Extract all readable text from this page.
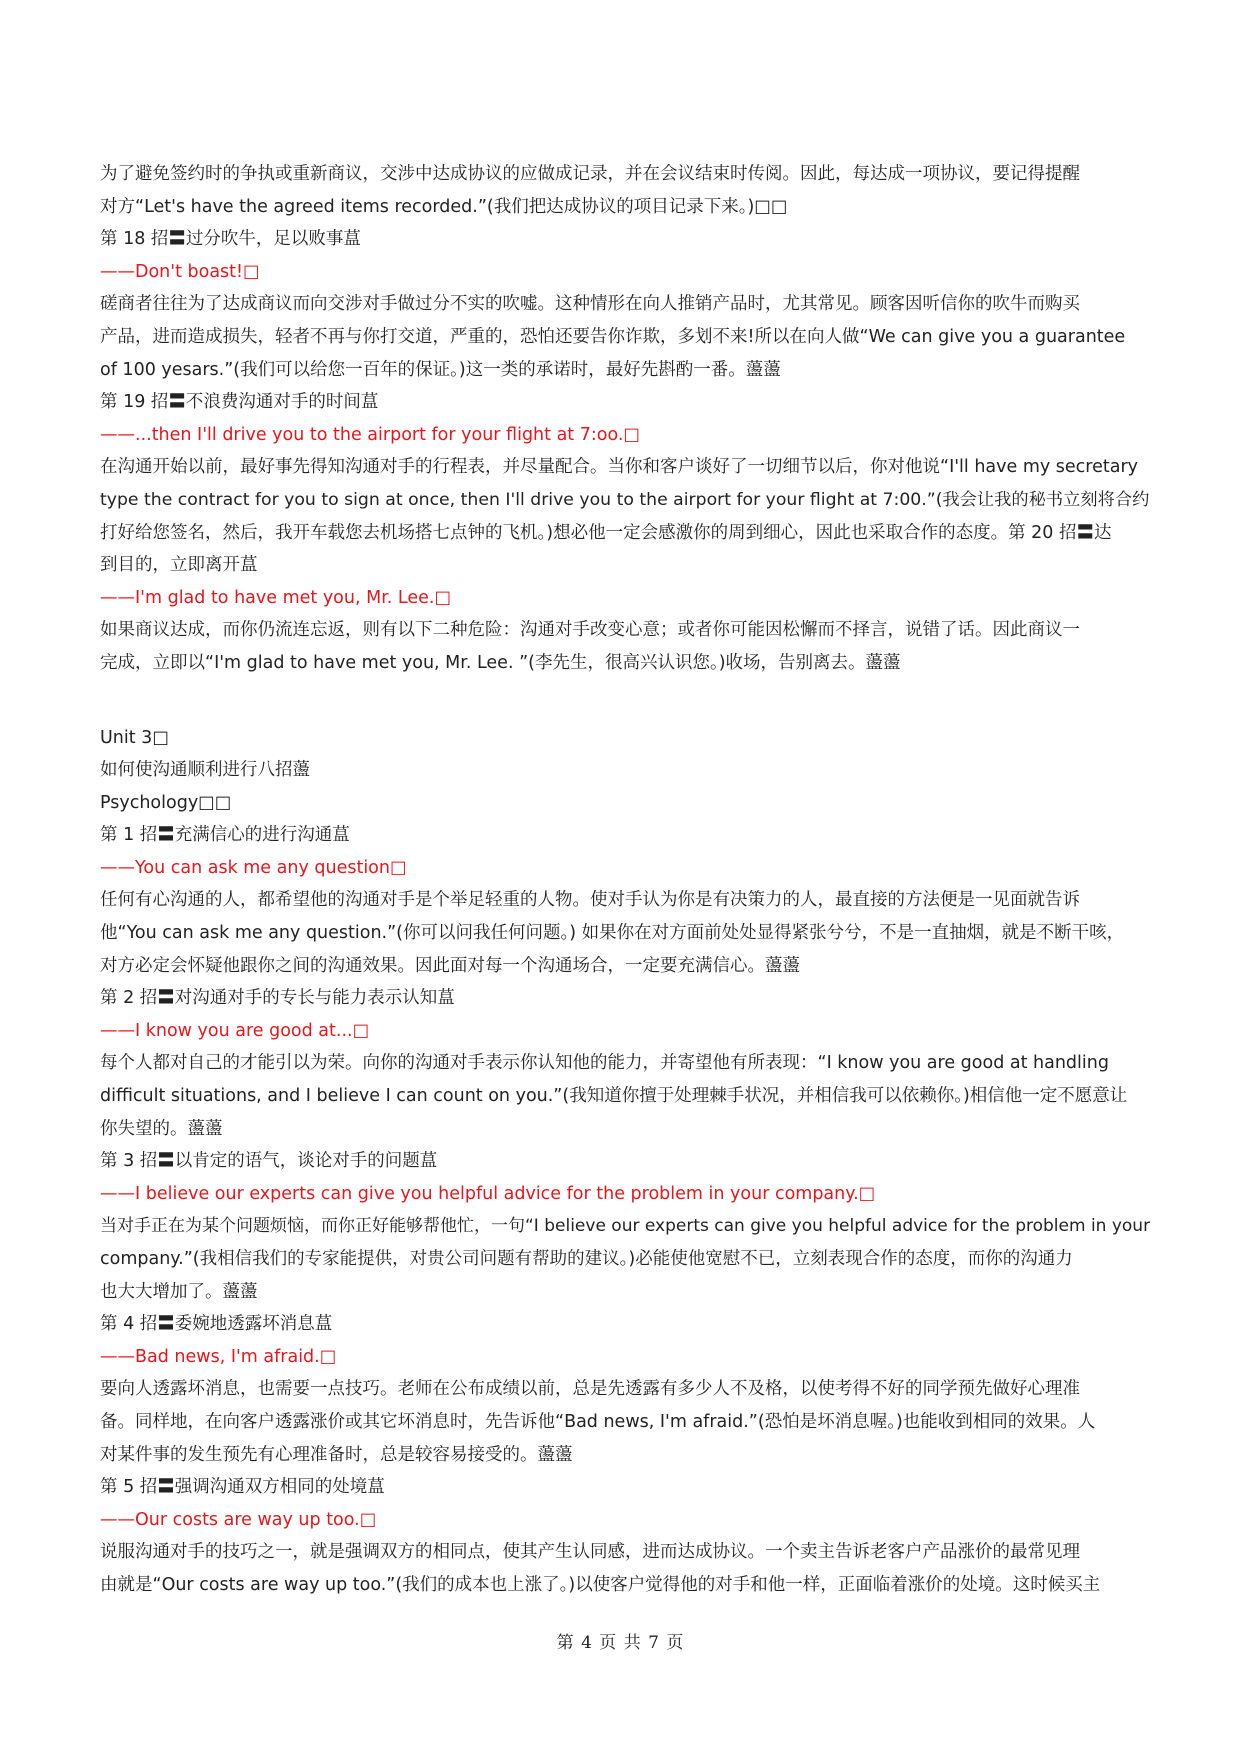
为了避免签约时的争执或重新商议，交涉中达成协议的应做成记录，并在会议结束时传阅。因此，每达成一项协议，要记得提醒
对方“Let's have the agreed items recorded.”(我们把达成协议的项目记录下来。)□□
第 18 招〓过分吹牛，足以败事蒀
——Don't boast!□
磋商者往往为了达成商议而向交涉对手做过分不实的吹嘘。这种情形在向人推销产品时，尤其常见。顾客因听信你的吹牛而购买
产品，进而造成损失，轻者不再与你打交道，严重的，恐怕还要告你诈欺，多划不来!所以在向人做“We can give you a guarantee
of 100 yesars.”(我们可以给您一百年的保证。)这一类的承诺时，最好先斟酌一番。蘯蘯
第 19 招〓不浪费沟通对手的时间蒀
——...then I'll drive you to the airport for your flight at 7:oo.□
在沟通开始以前，最好事先得知沟通对手的行程表，并尽量配合。当你和客户谈好了一切细节以后，你对他说“I'll have my secretary
type the contract for you to sign at once, then I'll drive you to the airport for your flight at 7:00.”(我会让我的秘书立刻将合约
打好给您签名，然后，我开车载您去机场搭七点钟的飞机。)想必他一定会感激你的周到细心，因此也采取合作的态度。第 20 招〓达
到目的，立即离开蒀
——I'm glad to have met you, Mr. Lee.□
如果商议达成，而你仍流连忘返，则有以下二种危险：沟通对手改变心意；或者你可能因松懈而不择言，说错了话。因此商议一
完成，立即以“I'm glad to have met you, Mr. Lee. ”(李先生，很高兴认识您。)收场，告别离去。蘯蘯
Unit 3□
如何使沟通顺利进行八招蘯
Psychology□□
第 1 招〓充满信心的进行沟通蒀
——You can ask me any question□
任何有心沟通的人，都希望他的沟通对手是个举足轻重的人物。使对手认为你是有决策力的人，最直接的方法便是一见面就告诉
他“You can ask me any question.”(你可以问我任何问题。) 如果你在对方面前处处显得紧张兮兮，不是一直抽烟，就是不断干咳，
对方必定会怀疑他跟你之间的沟通效果。因此面对每一个沟通场合，一定要充满信心。蘯蘯
第 2 招〓对沟通对手的专长与能力表示认知蒀
——I know you are good at...□
每个人都对自己的才能引以为荣。向你的沟通对手表示你认知他的能力，并寄望他有所表现：“I know you are good at handling
difficult situations, and I believe I can count on you.”(我知道你擅于处理棘手状况，并相信我可以依赖你。)相信他一定不愿意让
你失望的。蘯蘯
第 3 招〓以肯定的语气，谈论对手的问题蒀
——I believe our experts can give you helpful advice for the problem in your company.□
当对手正在为某个问题烦恼，而你正好能够帮他忙，一句“I believe our experts can give you helpful advice for the problem in your
company.”(我相信我们的专家能提供，对贵公司问题有帮助的建议。)必能使他宽慰不已，立刻表现合作的态度，而你的沟通力
也大大增加了。蘯蘯
第 4 招〓委婉地透露坏消息蒀
——Bad news, I'm afraid.□
要向人透露坏消息，也需要一点技巧。老师在公布成绩以前，总是先透露有多少人不及格，以使考得不好的同学预先做好心理准
备。同样地，在向客户透露涨价或其它坏消息时，先告诉他“Bad news, I'm afraid.”(恐怕是坏消息喔。)也能收到相同的效果。人
对某件事的发生预先有心理准备时，总是较容易接受的。蘯蘯
第 5 招〓强调沟通双方相同的处境蒀
——Our costs are way up too.□
说服沟通对手的技巧之一，就是强调双方的相同点，使其产生认同感，进而达成协议。一个卖主告诉老客户产品涨价的最常见理
由就是“Our costs are way up too.”(我们的成本也上涨了。)以使客户觉得他的对手和他一样，正面临着涨价的处境。这时候买主
第 4 页 共 7 页
